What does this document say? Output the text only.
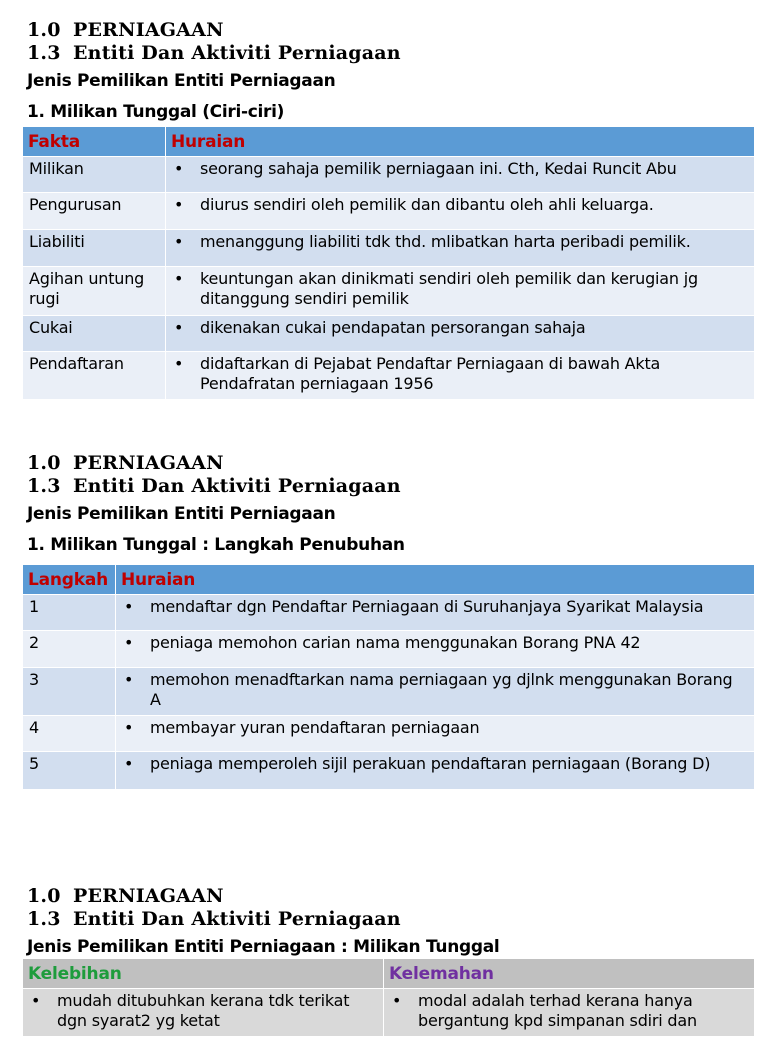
1.0 PERNIAGAAN
1.3 Entiti Dan Aktiviti Perniagaan
Jenis Pemilikan Entiti Perniagaan
1. Milikan Tunggal (Ciri-ciri)
Fakta	Huraian
Milikan	• seorang sahaja pemilik perniagaan ini. Cth, Kedai Runcit Abu

Pengurusan	• diurus sendiri oleh pemilik dan dibantu oleh ahli keluarga.

Liabiliti	• menanggung liabiliti tdk thd. mlibatkan harta peribadi pemilik.

Agihan untung rugi	• keuntungan akan dinikmati sendiri oleh pemilik dan kerugian jg ditanggung sendiri pemilik

Cukai	• dikenakan cukai pendapatan persorangan sahaja

Pendaftaran	• didaftarkan di Pejabat Pendaftar Perniagaan di bawah Akta Pendafratan perniagaan 1956
1.0 PERNIAGAAN
1.3 Entiti Dan Aktiviti Perniagaan
Jenis Pemilikan Entiti Perniagaan
1. Milikan Tunggal : Langkah Penubuhan
Langkah	Huraian
1	• mendaftar dgn Pendaftar Perniagaan di Suruhanjaya Syarikat Malaysia

2	• peniaga memohon carian nama menggunakan Borang PNA 42

3	• memohon menadftarkan nama perniagaan yg djlnk menggunakan Borang A

4	• membayar yuran pendaftaran perniagaan

5	• peniaga memperoleh sijil perakuan pendaftaran perniagaan (Borang D)
1.0 PERNIAGAAN
1.3 Entiti Dan Aktiviti Perniagaan
Jenis Pemilikan Entiti Perniagaan : Milikan Tunggal
Kelebihan	Kelemahan

• mudah ditubuhkan kerana tdk terikat dgn syarat2 yg ketat	• modal adalah terhad kerana hanya bergantung kpd simpanan sdiri dan
